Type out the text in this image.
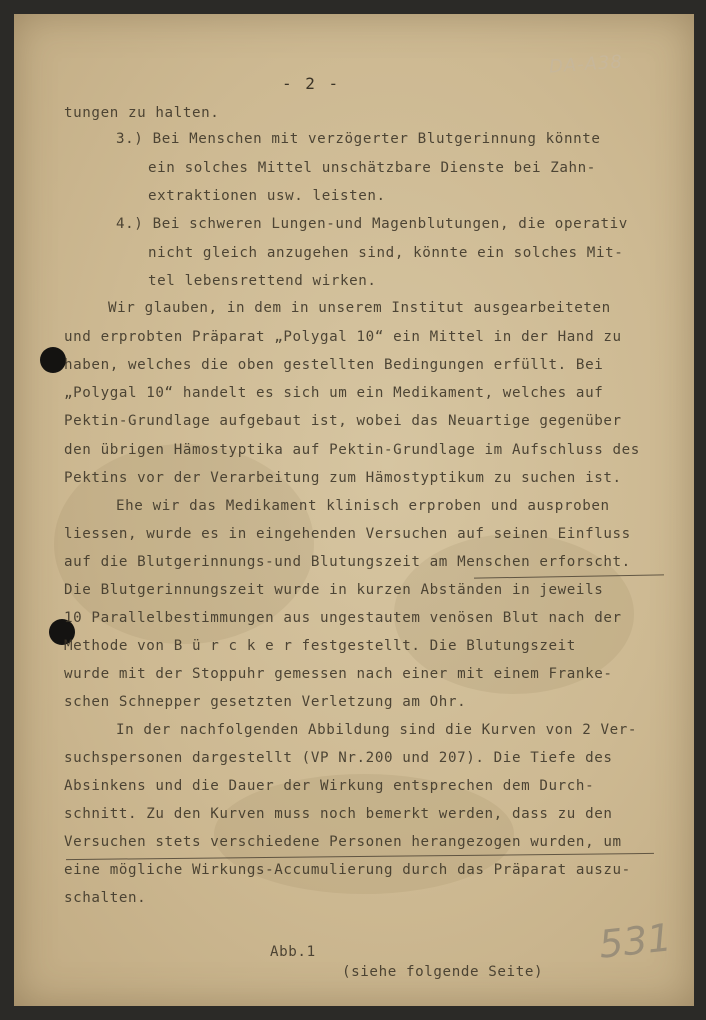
DA-A38
- 2 -
tungen zu halten.
3.) Bei Menschen mit verzögerter Blutgerinnung könnte
ein solches Mittel unschätzbare Dienste bei Zahn-
extraktionen usw. leisten.
4.) Bei schweren Lungen-und Magenblutungen, die operativ
nicht gleich anzugehen sind, könnte ein solches Mit-
tel lebensrettend wirken.
Wir glauben, in dem in unserem Institut ausgearbeiteten
und erprobten Präparat „Polygal 10“ ein Mittel in der Hand zu
haben, welches die oben gestellten Bedingungen erfüllt. Bei
„Polygal 10“ handelt es sich um ein Medikament, welches auf
Pektin-Grundlage aufgebaut ist, wobei das Neuartige gegenüber
den übrigen Hämostyptika auf Pektin-Grundlage im Aufschluss des
Pektins vor der Verarbeitung zum Hämostyptikum zu suchen ist.
Ehe wir das Medikament klinisch erproben und ausproben
liessen, wurde es in eingehenden Versuchen auf seinen Einfluss
auf die Blutgerinnungs-und Blutungszeit am Menschen erforscht.
Die Blutgerinnungszeit wurde in kurzen Abständen in jeweils
10 Parallelbestimmungen aus ungestautem venösen Blut nach der
Methode von B ü r c k e r festgestellt. Die Blutungszeit
wurde mit der Stoppuhr gemessen nach einer mit einem Franke-
schen Schnepper gesetzten Verletzung am Ohr.
In der nachfolgenden Abbildung sind die Kurven von 2 Ver-
suchspersonen dargestellt (VP Nr.200 und 207). Die Tiefe des
Absinkens und die Dauer der Wirkung entsprechen dem Durch-
schnitt. Zu den Kurven muss noch bemerkt werden, dass zu den
Versuchen stets verschiedene Personen herangezogen wurden, um
eine mögliche Wirkungs-Accumulierung durch das Präparat auszu-
schalten.
Abb.1
(siehe folgende Seite)
531
